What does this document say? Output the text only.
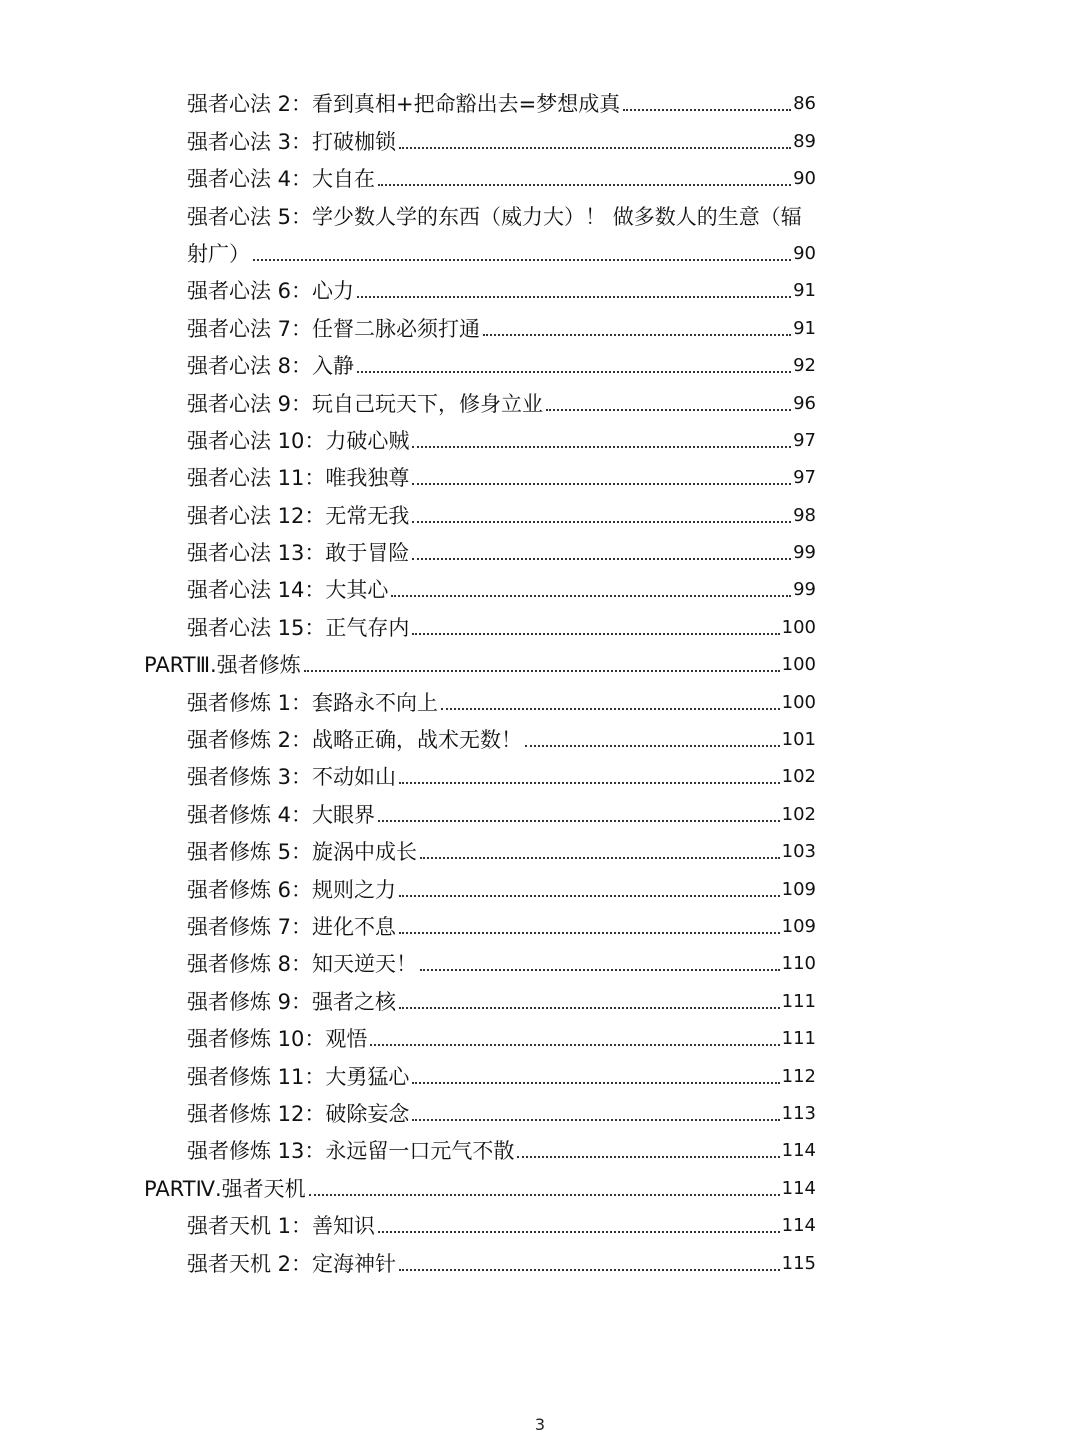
强者心法 2：看到真相+把命豁出去=梦想成真	86
强者心法 3：打破枷锁	89
强者心法 4：大自在	90
强者心法 5：学少数人学的东西（威力大）！ 做多数人的生意（辐
射广）	90
强者心法 6：心力	91
强者心法 7：任督二脉必须打通	91
强者心法 8：入静	92
强者心法 9：玩自己玩天下，修身立业	96
强者心法 10：力破心贼	97
强者心法 11：唯我独尊	97
强者心法 12：无常无我	98
强者心法 13：敢于冒险	99
强者心法 14：大其心	99
强者心法 15：正气存内	100
PARTⅢ.强者修炼	100
强者修炼 1：套路永不向上	100
强者修炼 2：战略正确，战术无数！	101
强者修炼 3：不动如山	102
强者修炼 4：大眼界	102
强者修炼 5：旋涡中成长	103
强者修炼 6：规则之力	109
强者修炼 7：进化不息	109
强者修炼 8：知天逆天！	110
强者修炼 9：强者之核	111
强者修炼 10：观悟	111
强者修炼 11：大勇猛心	112
强者修炼 12：破除妄念	113
强者修炼 13：永远留一口元气不散	114
PARTⅣ.强者天机	114
强者天机 1：善知识	114
强者天机 2：定海神针	115
3
